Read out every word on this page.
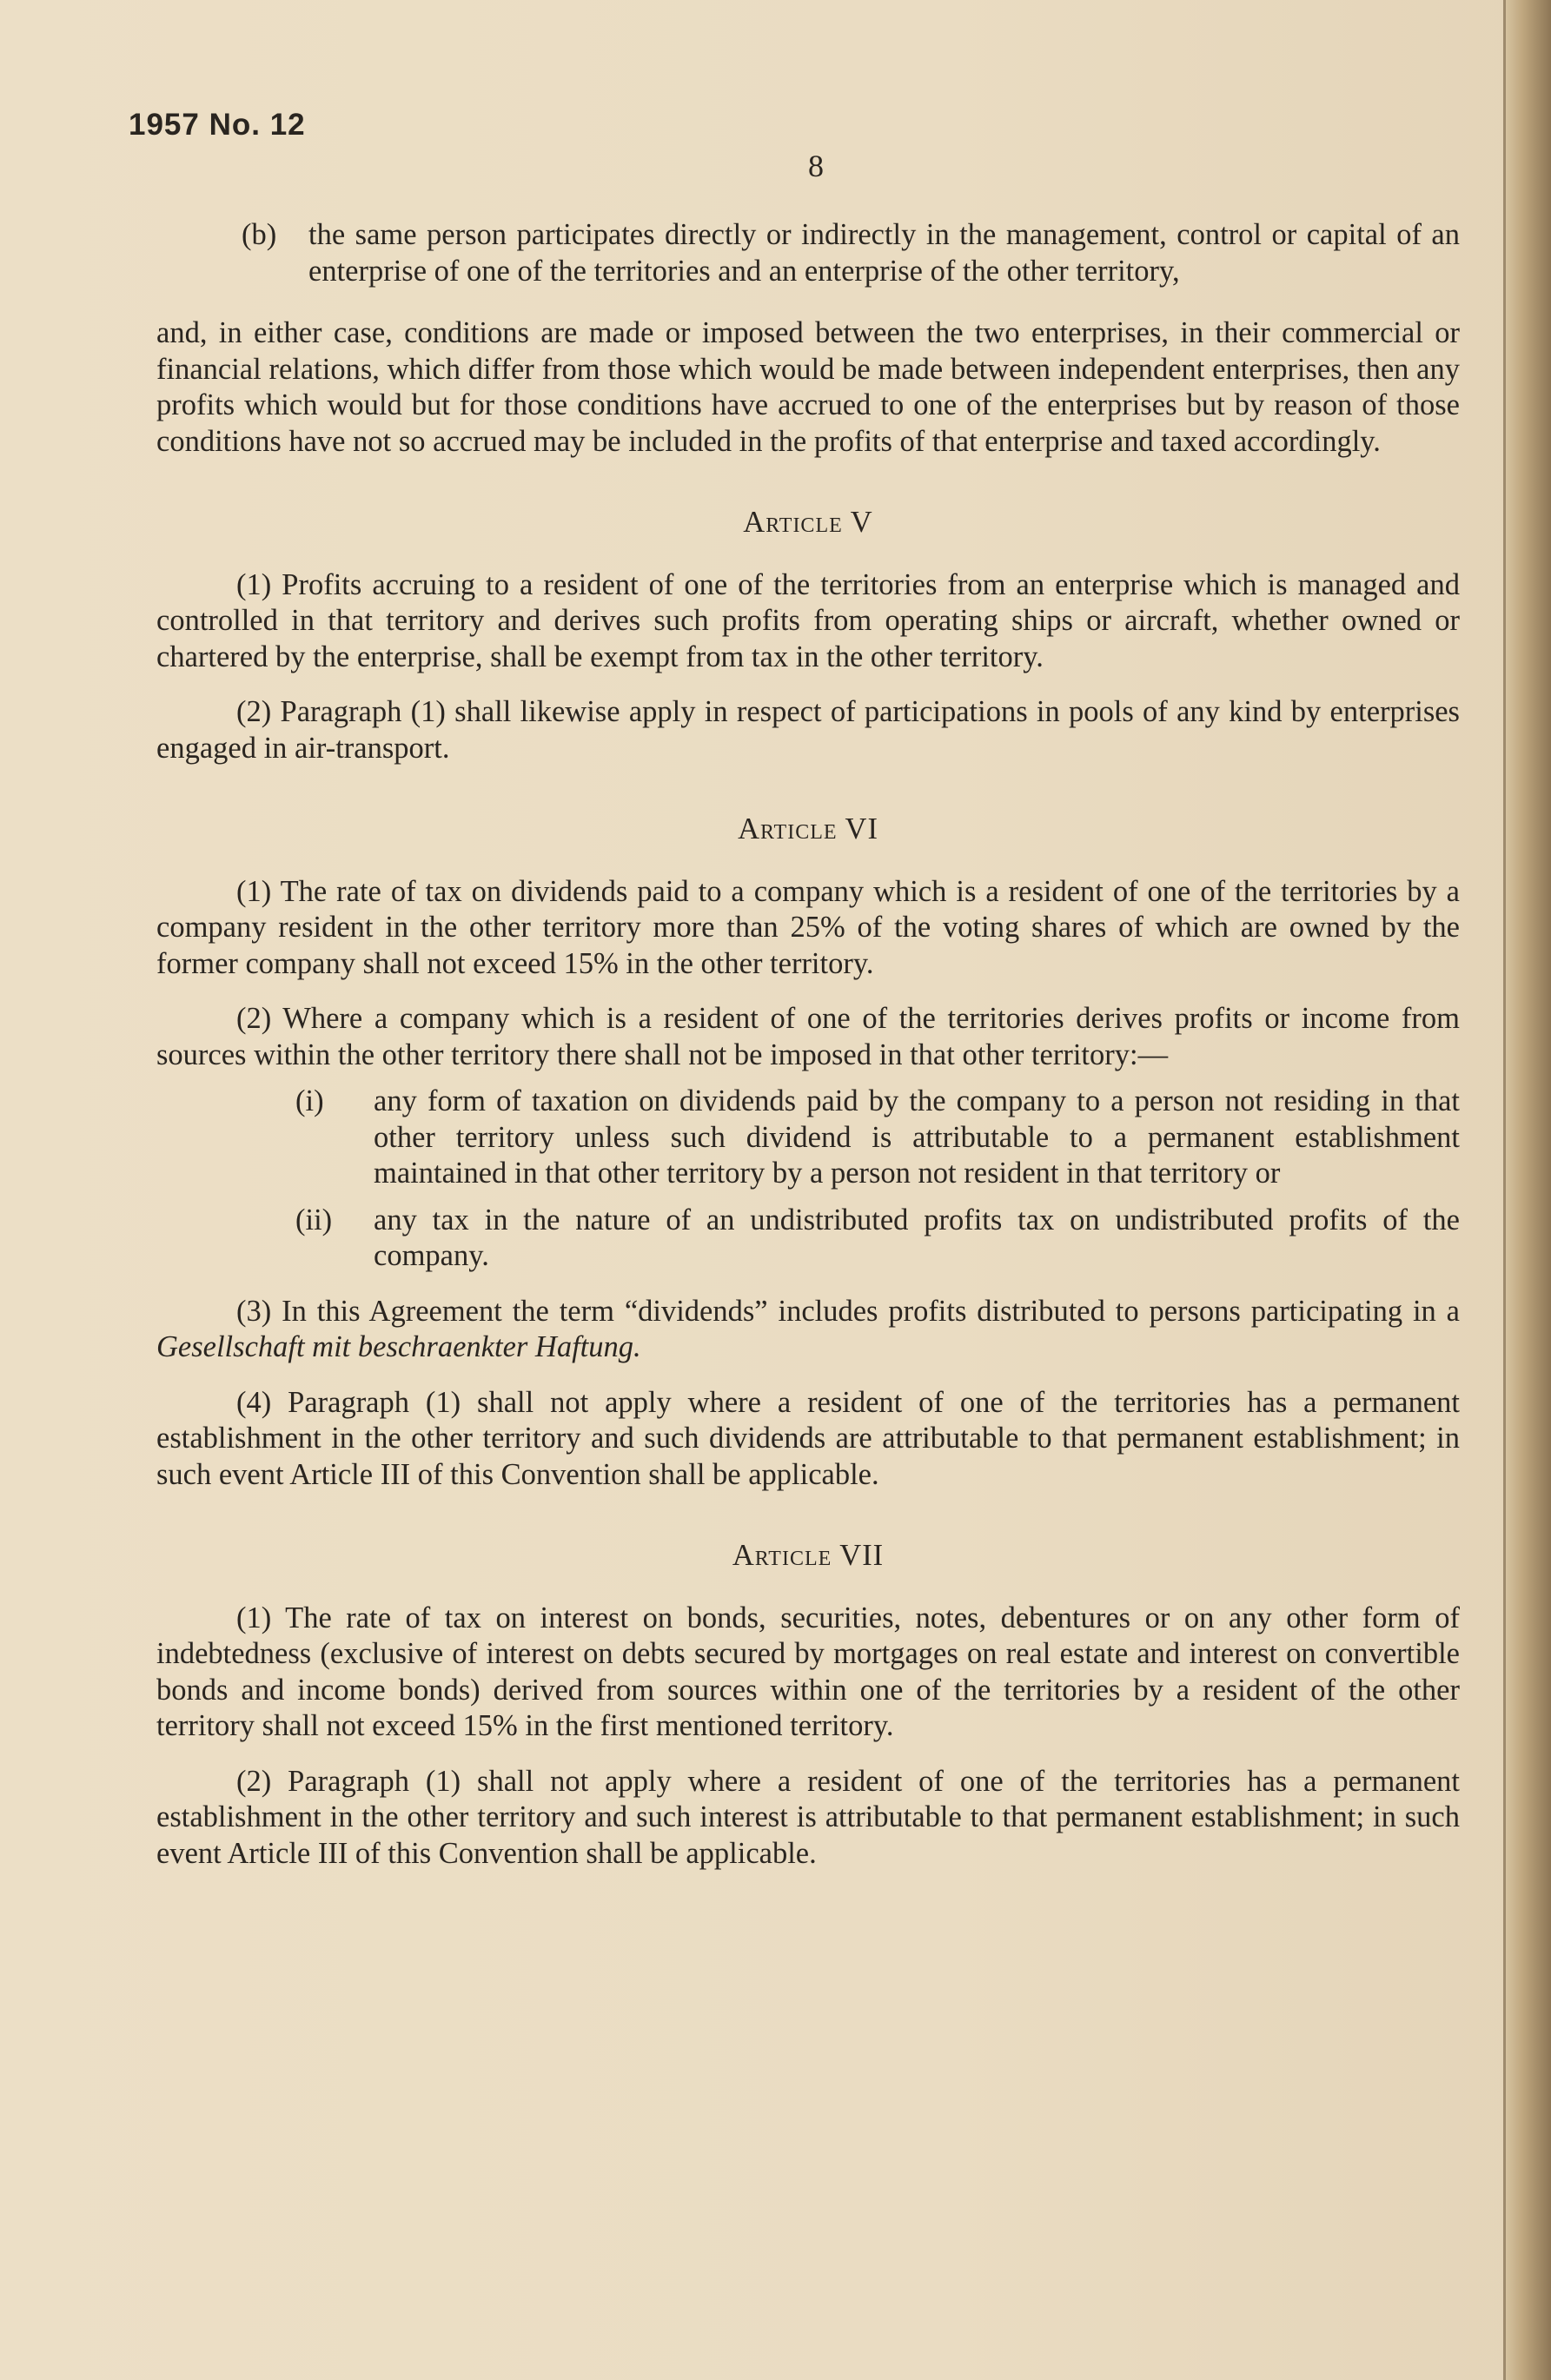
1957 No. 12
8

(b) the same person participates directly or indirectly in the management, control or capital of an enterprise of one of the territories and an enterprise of the other territory,

and, in either case, conditions are made or imposed between the two enterprises, in their commercial or financial relations, which differ from those which would be made between independent enterprises, then any profits which would but for those conditions have accrued to one of the enterprises but by reason of those conditions have not so accrued may be included in the profits of that enterprise and taxed accordingly.

Article V

(1) Profits accruing to a resident of one of the territories from an enterprise which is managed and controlled in that territory and derives such profits from operating ships or aircraft, whether owned or chartered by the enterprise, shall be exempt from tax in the other territory.

(2) Paragraph (1) shall likewise apply in respect of participations in pools of any kind by enterprises engaged in air-transport.

Article VI

(1) The rate of tax on dividends paid to a company which is a resident of one of the territories by a company resident in the other territory more than 25% of the voting shares of which are owned by the former company shall not exceed 15% in the other territory.

(2) Where a company which is a resident of one of the territories derives profits or income from sources within the other territory there shall not be imposed in that other territory:—

(i) any form of taxation on dividends paid by the company to a person not residing in that other territory unless such dividend is attributable to a permanent establishment maintained in that other territory by a person not resident in that territory or

(ii) any tax in the nature of an undistributed profits tax on undistributed profits of the company.

(3) In this Agreement the term “dividends” includes profits distributed to persons participating in a Gesellschaft mit beschraenkter Haftung.

(4) Paragraph (1) shall not apply where a resident of one of the territories has a permanent establishment in the other territory and such dividends are attributable to that permanent establishment; in such event Article III of this Convention shall be applicable.

Article VII

(1) The rate of tax on interest on bonds, securities, notes, debentures or on any other form of indebtedness (exclusive of interest on debts secured by mortgages on real estate and interest on convertible bonds and income bonds) derived from sources within one of the territories by a resident of the other territory shall not exceed 15% in the first mentioned territory.

(2) Paragraph (1) shall not apply where a resident of one of the territories has a permanent establishment in the other territory and such interest is attributable to that permanent establishment; in such event Article III of this Convention shall be applicable.
